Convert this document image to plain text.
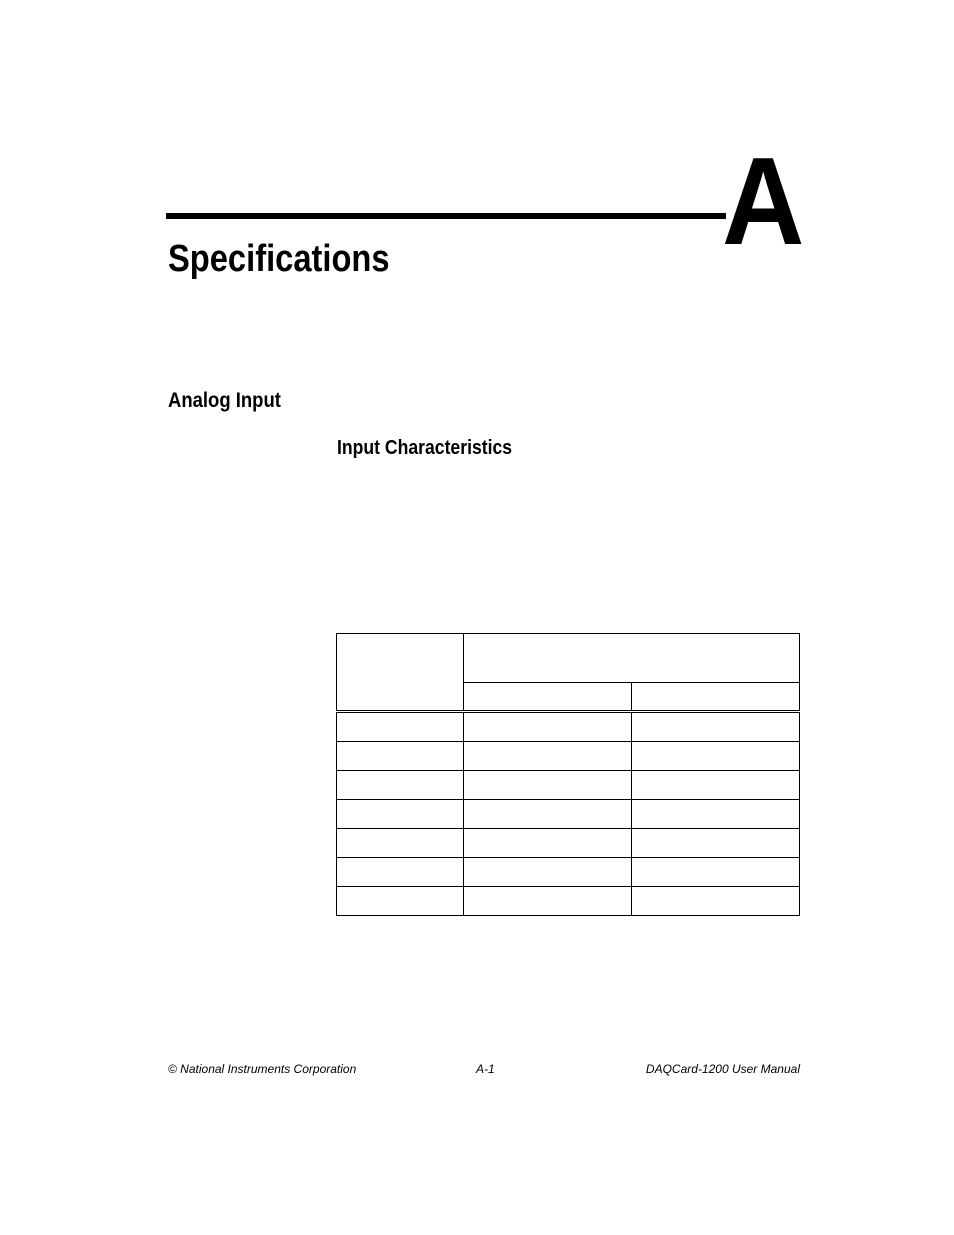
A
Specifications
Analog Input
Input Characteristics

© National Instruments Corporation	A-1	DAQCard-1200 User Manual
